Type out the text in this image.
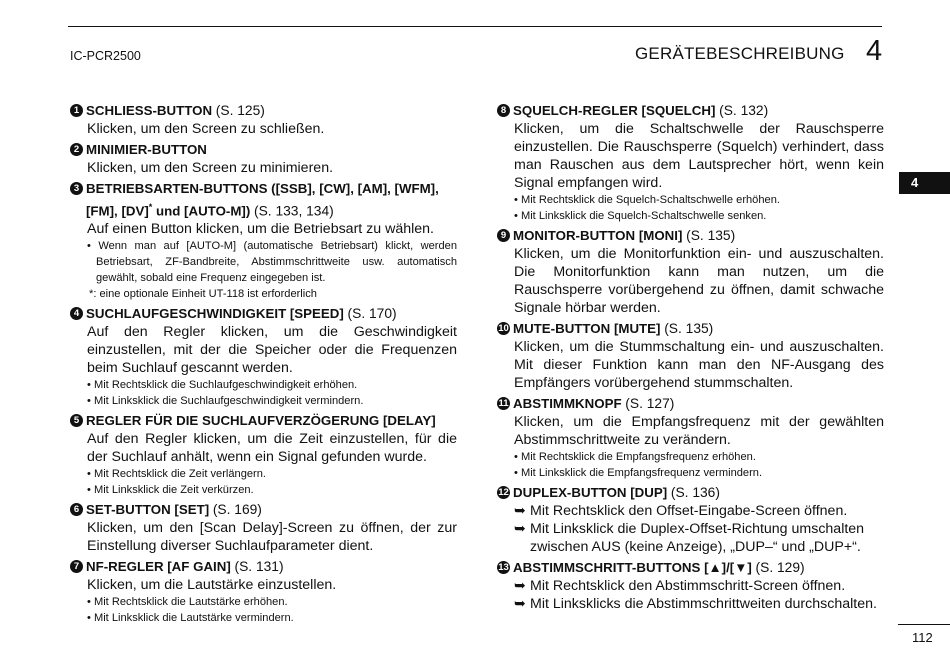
IC-PCR2500	GERÄTEBESCHREIBUNG 4
4
1 SCHLIESS-BUTTON (S. 125)
Klicken, um den Screen zu schließen.
2 MINIMIER-BUTTON
Klicken, um den Screen zu minimieren.
3 BETRIEBSARTEN-BUTTONS ([SSB], [CW], [AM], [WFM], [FM], [DV]* und [AUTO-M]) (S. 133, 134)
Auf einen Button klicken, um die Betriebsart zu wählen.
• Wenn man auf [AUTO-M] (automatische Betriebsart) klickt, werden Betriebsart, ZF-Bandbreite, Abstimmschrittweite usw. automatisch gewählt, sobald eine Frequenz eingegeben ist.
*: eine optionale Einheit UT-118 ist erforderlich
4 SUCHLAUFGESCHWINDIGKEIT [SPEED] (S. 170)
Auf den Regler klicken, um die Geschwindigkeit einzustellen, mit der die Speicher oder die Frequenzen beim Suchlauf gescannt werden.
• Mit Rechtsklick die Suchlaufgeschwindigkeit erhöhen.
• Mit Linksklick die Suchlaufgeschwindigkeit vermindern.
5 REGLER FÜR DIE SUCHLAUFVERZÖGERUNG [DELAY]
Auf den Regler klicken, um die Zeit einzustellen, für die der Suchlauf anhält, wenn ein Signal gefunden wurde.
• Mit Rechtsklick die Zeit verlängern.
• Mit Linksklick die Zeit verkürzen.
6 SET-BUTTON [SET] (S. 169)
Klicken, um den [Scan Delay]-Screen zu öffnen, der zur Einstellung diverser Suchlaufparameter dient.
7 NF-REGLER [AF GAIN] (S. 131)
Klicken, um die Lautstärke einzustellen.
• Mit Rechtsklick die Lautstärke erhöhen.
• Mit Linksklick die Lautstärke vermindern.
8 SQUELCH-REGLER [SQUELCH] (S. 132)
Klicken, um die Schaltschwelle der Rauschsperre einzustellen. Die Rauschsperre (Squelch) verhindert, dass man Rauschen aus dem Lautsprecher hört, wenn kein Signal empfangen wird.
• Mit Rechtsklick die Squelch-Schaltschwelle erhöhen.
• Mit Linksklick die Squelch-Schaltschwelle senken.
9 MONITOR-BUTTON [MONI] (S. 135)
Klicken, um die Monitorfunktion ein- und auszuschalten. Die Monitorfunktion kann man nutzen, um die Rauschsperre vorübergehend zu öffnen, damit schwache Signale hörbar werden.
10 MUTE-BUTTON [MUTE] (S. 135)
Klicken, um die Stummschaltung ein- und auszuschalten. Mit dieser Funktion kann man den NF-Ausgang des Empfängers vorübergehend stummschalten.
11 ABSTIMMKNOPF (S. 127)
Klicken, um die Empfangsfrequenz mit der gewählten Abstimmschrittweite zu verändern.
• Mit Rechtsklick die Empfangsfrequenz erhöhen.
• Mit Linksklick die Empfangsfrequenz vermindern.
12 DUPLEX-BUTTON [DUP] (S. 136)
➥ Mit Rechtsklick den Offset-Eingabe-Screen öffnen.
➥ Mit Linksklick die Duplex-Offset-Richtung umschalten zwischen AUS (keine Anzeige), „DUP–“ und „DUP+“.
13 ABSTIMMSCHRITT-BUTTONS [▲]/[▼] (S. 129)
➥ Mit Rechtsklick den Abstimmschritt-Screen öffnen.
➥ Mit Linksklicks die Abstimmschrittweiten durchschalten.
112
